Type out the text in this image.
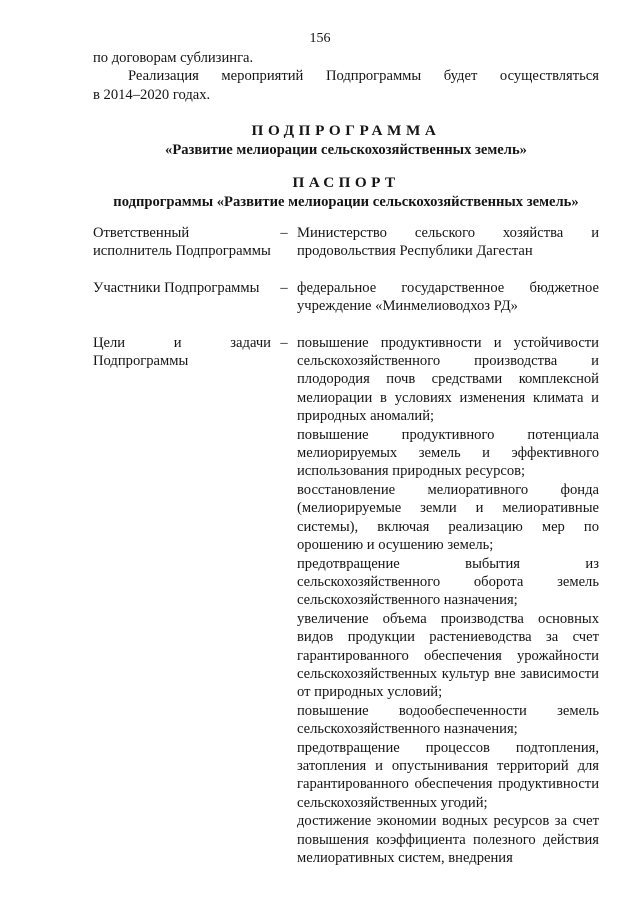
156

по договорам сублизинга.

Реализация мероприятий Подпрограммы будет осуществляться

в 2014–2020 годах.

ПОДПРОГРАММА
«Развитие мелиорации сельскохозяйственных земель»
ПАСПОРТ
подпрограммы «Развитие мелиорации сельскохозяйственных земель»
Ответственный исполнитель Подпрограммы
– Министерство сельского хозяйства и продовольствия Республики Дагестан
Участники Подпрограммы	– федеральное государственное бюджетное учреждение «Минмелиоводхоз РД»
Цели и задачи Подпрограммы
– повышение продуктивности и устойчивости сельскохозяйственного производства и плодородия почв средствами комплексной мелиорации в условиях изменения климата и природных аномалий;

повышение продуктивного потенциала мелиорируемых земель и эффективного использования природных ресурсов;

восстановление мелиоративного фонда (мелиорируемые земли и мелиоративные системы), включая реализацию мер по орошению и осушению земель;

предотвращение выбытия из сельскохозяйственного оборота земель сельскохозяйственного назначения;

увеличение объема производства основных видов продукции растениеводства за счет гарантированного обеспечения урожайности сельскохозяйственных культур вне зависимости от природных условий;

повышение водообеспеченности земель сельскохозяйственного назначения;

предотвращение процессов подтопления, затопления и опустынивания территорий для гарантированного обеспечения продуктивности сельскохозяйственных угодий;

достижение экономии водных ресурсов за счет повышения коэффициента полезного действия мелиоративных систем, внедрения
